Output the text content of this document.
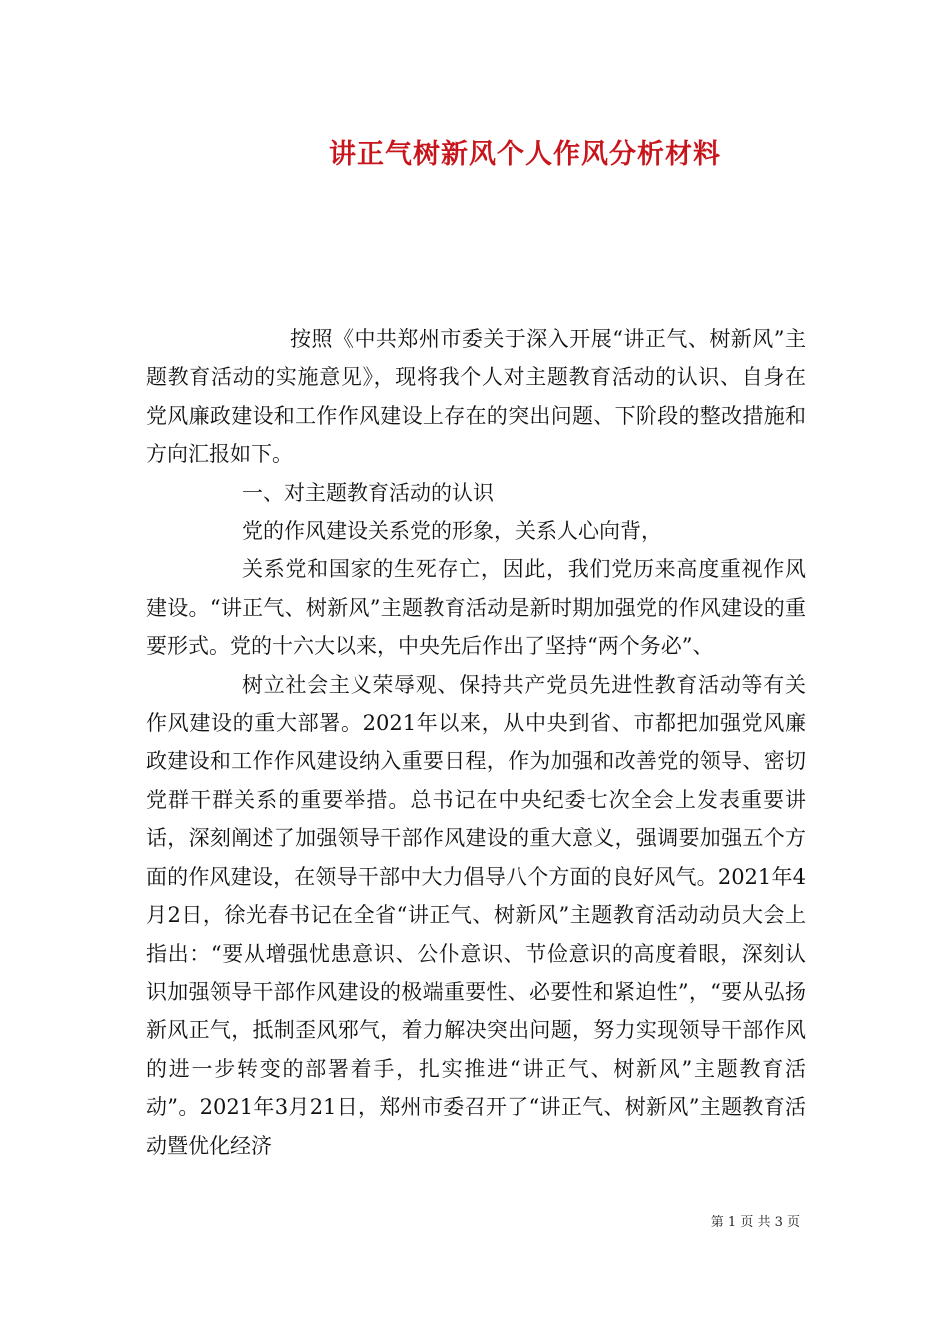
讲正气树新风个人作风分析材料

按照《中共郑州市委关于深入开展“讲正气、树新风”主题教育活动的实施意见》，现将我个人对主题教育活动的认识、自身在党风廉政建设和工作作风建设上存在的突出问题、下阶段的整改措施和方向汇报如下。

一、对主题教育活动的认识

党的作风建设关系党的形象，关系人心向背，

关系党和国家的生死存亡，因此，我们党历来高度重视作风建设。“讲正气、树新风”主题教育活动是新时期加强党的作风建设的重要形式。党的十六大以来，中央先后作出了坚持“两个务必”、

树立社会主义荣辱观、保持共产党员先进性教育活动等有关作风建设的重大部署。2021年以来，从中央到省、市都把加强党风廉政建设和工作作风建设纳入重要日程，作为加强和改善党的领导、密切党群干群关系的重要举措。总书记在中央纪委七次全会上发表重要讲话，深刻阐述了加强领导干部作风建设的重大意义，强调要加强五个方面的作风建设，在领导干部中大力倡导八个方面的良好风气。2021年4月2日，徐光春书记在全省“讲正气、树新风”主题教育活动动员大会上指出：“要从增强忧患意识、公仆意识、节俭意识的高度着眼，深刻认识加强领导干部作风建设的极端重要性、必要性和紧迫性”，“要从弘扬新风正气，抵制歪风邪气，着力解决突出问题，努力实现领导干部作风的进一步转变的部署着手，扎实推进“讲正气、树新风”主题教育活动”。2021年3月21日，郑州市委召开了“讲正气、树新风”主题教育活动暨优化经济

第 1 页 共 3 页
